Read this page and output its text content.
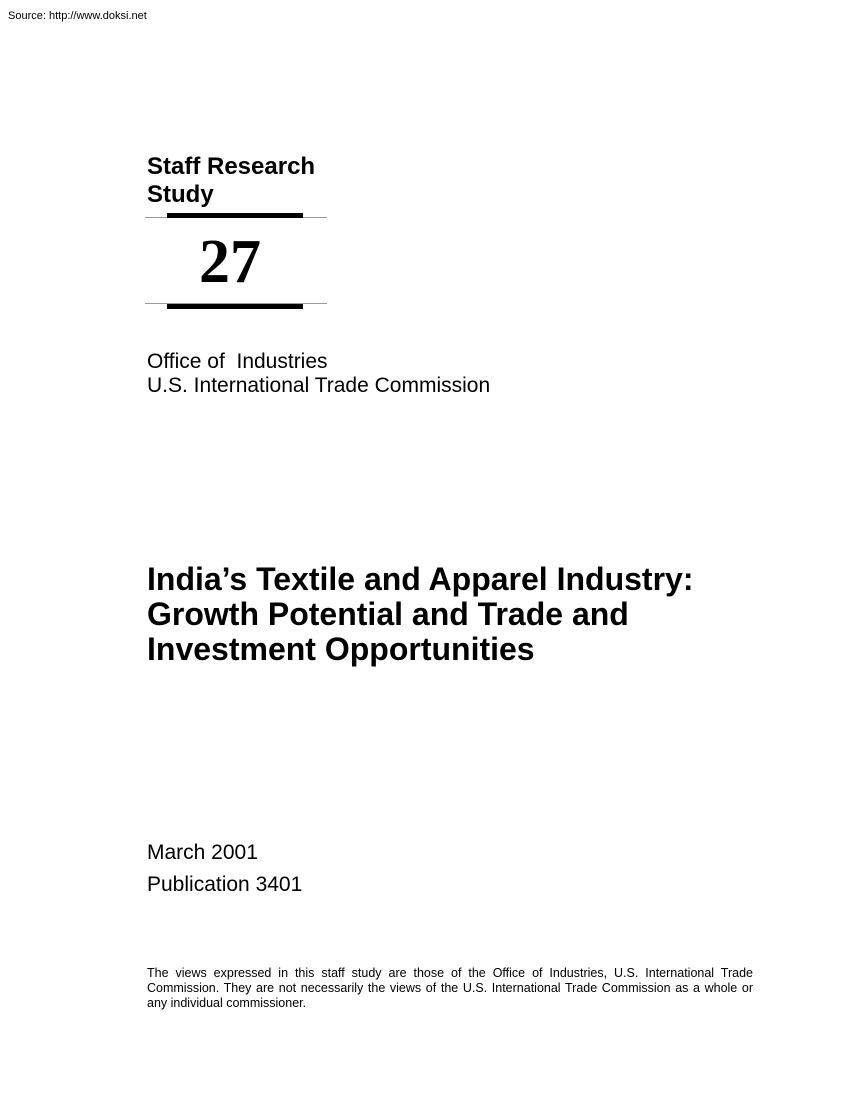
Source: http://www.doksi.net
Staff Research
Study
27
Office of  Industries
U.S. International Trade Commission
India’s Textile and Apparel Industry:
Growth Potential and Trade and
Investment Opportunities
March 2001
Publication 3401

The views expressed in this staff study are those of the Office of Industries, U.S. International Trade Commission. They are not necessarily the views of the U.S. International Trade Commission as a whole or any individual commissioner.
